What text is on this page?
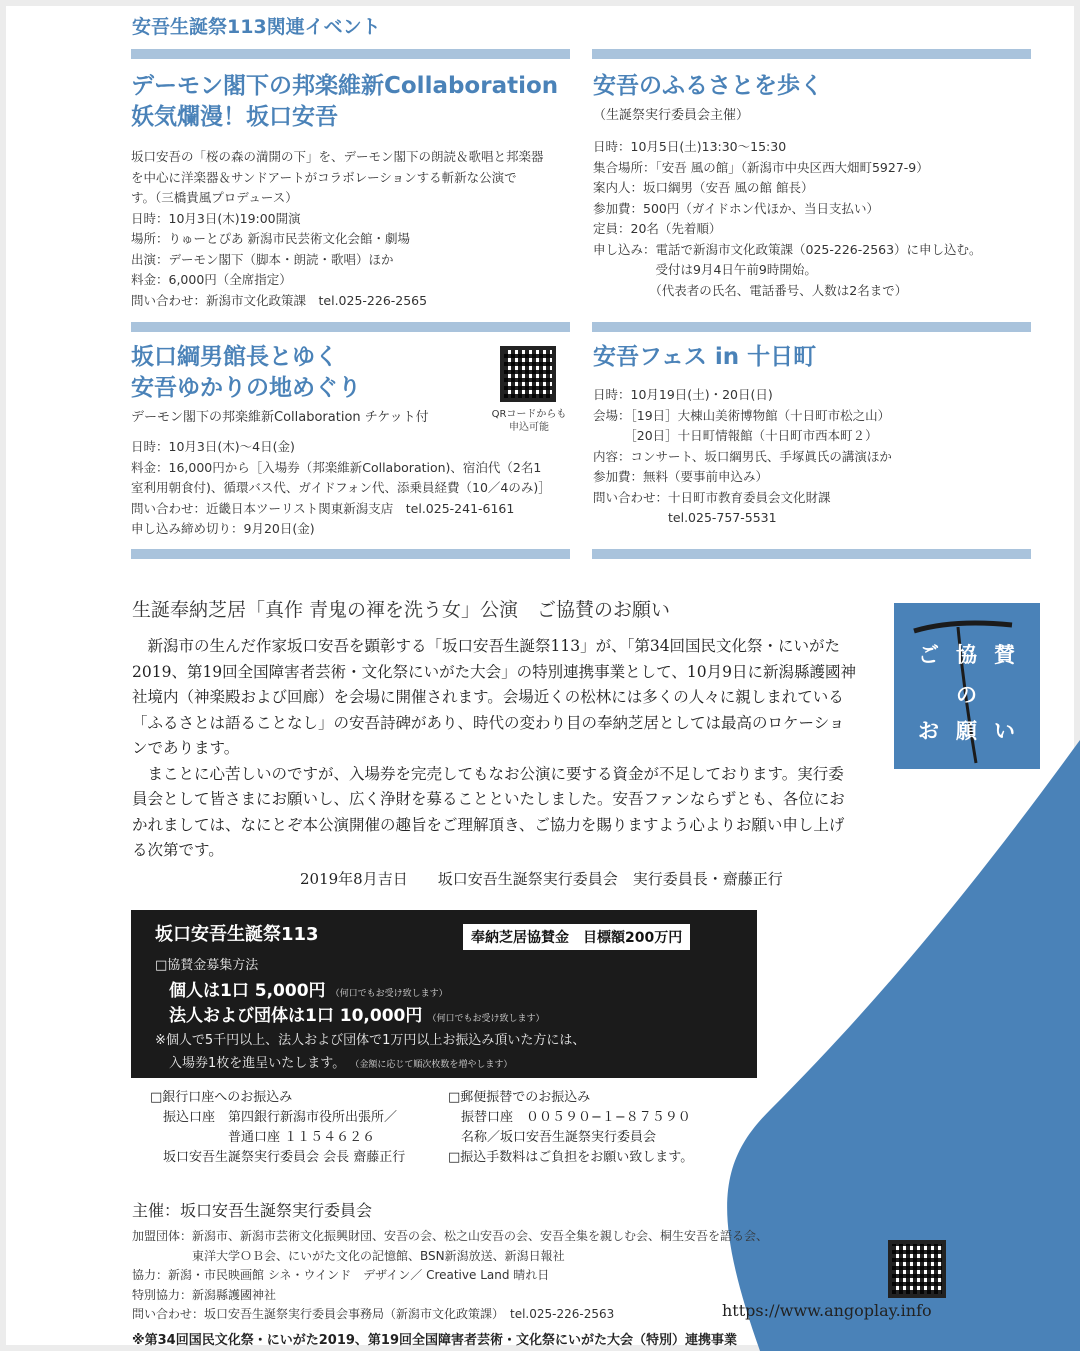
安吾生誕祭113関連イベント
デーモン閣下の邦楽維新Collaboration
妖気爛漫！坂口安吾
坂口安吾の「桜の森の満開の下」を、デーモン閣下の朗読＆歌唱と邦楽器
を中心に洋楽器＆サンドアートがコラボレーションする斬新な公演で
す。（三橋貴風プロデュース）
日時：10月3日(木)19:00開演
場所：りゅーとぴあ 新潟市民芸術文化会館・劇場
出演：デーモン閣下（脚本・朗読・歌唱）ほか
料金：6,000円（全席指定）
問い合わせ：新潟市文化政策課　tel.025-226-2565
安吾のふるさとを歩く
（生誕祭実行委員会主催）
日時：10月5日(土)13:30〜15:30
集合場所：「安吾 風の館」（新潟市中央区西大畑町5927-9）
案内人：坂口綱男（安吾 風の館 館長）
参加費：500円（ガイドホン代ほか、当日支払い）
定員：20名（先着順）
申し込み：電話で新潟市文化政策課（025-226-2563）に申し込む。
　　　　　受付は9月4日午前9時開始。
　　　　　（代表者の氏名、電話番号、人数は2名まで）
坂口綱男館長とゆく
安吾ゆかりの地めぐり
デーモン閣下の邦楽維新Collaboration チケット付
日時：10月3日(木)〜4日(金)
料金：16,000円から［入場券（邦楽維新Collaboration)、宿泊代（2名1
室利用朝食付)、循環バス代、ガイドフォン代、添乗員経費（10／4のみ)］
問い合わせ：近畿日本ツーリスト関東新潟支店　tel.025-241-6161
申し込み締め切り：9月20日(金)
QRコードからも
申込可能
安吾フェス in 十日町
日時：10月19日(土)・20日(日)
会場：［19日］大棟山美術博物館（十日町市松之山）
　　　［20日］十日町情報館（十日町市西本町２）
内容：コンサート、坂口綱男氏、手塚眞氏の講演ほか
参加費：無料（要事前申込み）
問い合わせ：十日町市教育委員会文化財課
　　　　　　tel.025-757-5531
生誕奉納芝居「真作 青鬼の褌を洗う女」公演　ご協賛のお願い

新潟市の生んだ作家坂口安吾を顕彰する「坂口安吾生誕祭113」が、「第34回国民文化祭・にいがた2019、第19回全国障害者芸術・文化祭にいがた大会」の特別連携事業として、10月9日に新潟縣護國神社境内（神楽殿および回廊）を会場に開催されます。会場近くの松林には多くの人々に親しまれている「ふるさとは語ることなし」の安吾詩碑があり、時代の変わり目の奉納芝居としては最高のロケーションであります。

まことに心苦しいのですが、入場券を完売してもなお公演に要する資金が不足しております。実行委員会として皆さまにお願いし、広く浄財を募ることといたしました。安吾ファンならずとも、各位におかれましては、なにとぞ本公演開催の趣旨をご理解頂き、ご協力を賜りますよう心よりお願い申し上げる次第です。

2019年8月吉日　　坂口安吾生誕祭実行委員会　実行委員長・齋藤正行
ご 協 賛
の
お 願 い
坂口安吾生誕祭113	奉納芝居協賛金　目標額200万円
□協賛金募集方法
個人は1口 5,000円 （何口でもお受け致します）
法人および団体は1口 10,000円 （何口でもお受け致します）
※個人で5千円以上、法人および団体で1万円以上お振込み頂いた方には、
入場券1枚を進呈いたします。 （金額に応じて順次枚数を増やします）
□銀行口座へのお振込み
　振込口座　第四銀行新潟市役所出張所／
　　　　　　普通口座 １１５４６２６
　坂口安吾生誕祭実行委員会 会長 齋藤正行
□郵便振替でのお振込み
　振替口座　００５９０−１−８７５９０
　名称／坂口安吾生誕祭実行委員会
□振込手数料はご負担をお願い致します。
主催：坂口安吾生誕祭実行委員会
加盟団体：新潟市、新潟市芸術文化振興財団、安吾の会、松之山安吾の会、安吾全集を親しむ会、桐生安吾を語る会、
　　　　　東洋大学ＯＢ会、にいがた文化の記憶館、BSN新潟放送、新潟日報社
協力：新潟・市民映画館 シネ・ウインド　デザイン／ Creative Land 晴れ日
特別協力：新潟縣護國神社
問い合わせ：坂口安吾生誕祭実行委員会事務局（新潟市文化政策課）　tel.025-226-2563	https://www.angoplay.info
※第34回国民文化祭・にいがた2019、第19回全国障害者芸術・文化祭にいがた大会（特別）連携事業
